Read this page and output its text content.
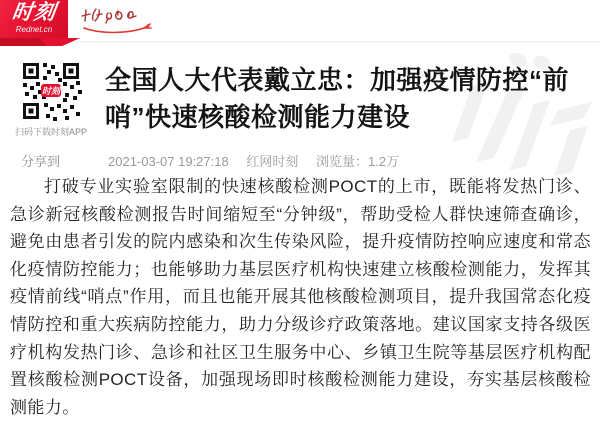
时刻
Rednet.cn
时刻
扫码下载时刻APP
全国人大代表戴立忠：加强疫情防控“前哨”快速核酸检测能力建设
分享到	2021-03-07 19:27:18 红网时刻 浏览量：1.2万

打破专业实验室限制的快速核酸检测POCT的上市，既能将发热门诊、急诊新冠核酸检测报告时间缩短至“分钟级”，帮助受检人群快速筛查确诊，避免由患者引发的院内感染和次生传染风险，提升疫情防控响应速度和常态化疫情防控能力；也能够助力基层医疗机构快速建立核酸检测能力，发挥其疫情前线“哨点”作用，而且也能开展其他核酸检测项目，提升我国常态化疫情防控和重大疾病防控能力，助力分级诊疗政策落地。建议国家支持各级医疗机构发热门诊、急诊和社区卫生服务中心、乡镇卫生院等基层医疗机构配置核酸检测POCT设备，加强现场即时核酸检测能力建设，夯实基层核酸检测能力。
